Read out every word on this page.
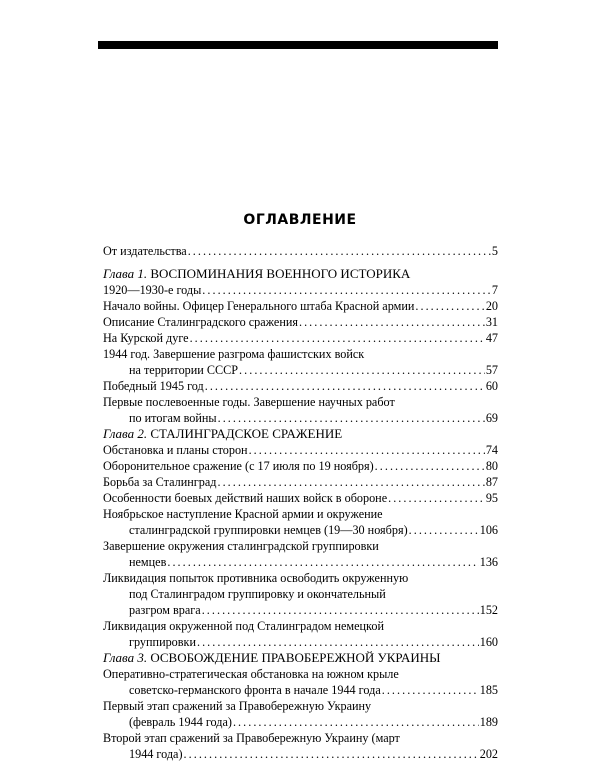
ОГЛАВЛЕНИЕ
От издательства . . .	5
Глава 1. ВОСПОМИНАНИЯ ВОЕННОГО ИСТОРИКА
1920—1930-е годы . . .	7
Начало войны. Офицер Генерального штаба Красной армии . . .	20
Описание Сталинградского сражения . . .	31
На Курской дуге . . .	47
1944 год. Завершение разгрома фашистских войск
на территории СССР . . .	57
Победный 1945 год . . .	60
Первые послевоенные годы. Завершение научных работ
по итогам войны . . .	69
Глава 2. СТАЛИНГРАДСКОЕ СРАЖЕНИЕ
Обстановка и планы сторон . . .	74
Оборонительное сражение (с 17 июля по 19 ноября) . . .	80
Борьба за Сталинград . . .	87
Особенности боевых действий наших войск в обороне . . .	95
Ноябрьское наступление Красной армии и окружение
сталинградской группировки немцев (19—30 ноября) . . .	106
Завершение окружения сталинградской группировки
немцев . . .	136
Ликвидация попыток противника освободить окруженную
под Сталинградом группировку и окончательный
разгром врага . . .	152
Ликвидация окруженной под Сталинградом немецкой
группировки . . .	160
Глава 3. ОСВОБОЖДЕНИЕ ПРАВОБЕРЕЖНОЙ УКРАИНЫ
Оперативно-стратегическая обстановка на южном крыле
советско-германского фронта в начале 1944 года . . .	185
Первый этап сражений за Правобережную Украину
(февраль 1944 года) . . .	189
Второй этап сражений за Правобережную Украину (март
1944 года) . . .	202
